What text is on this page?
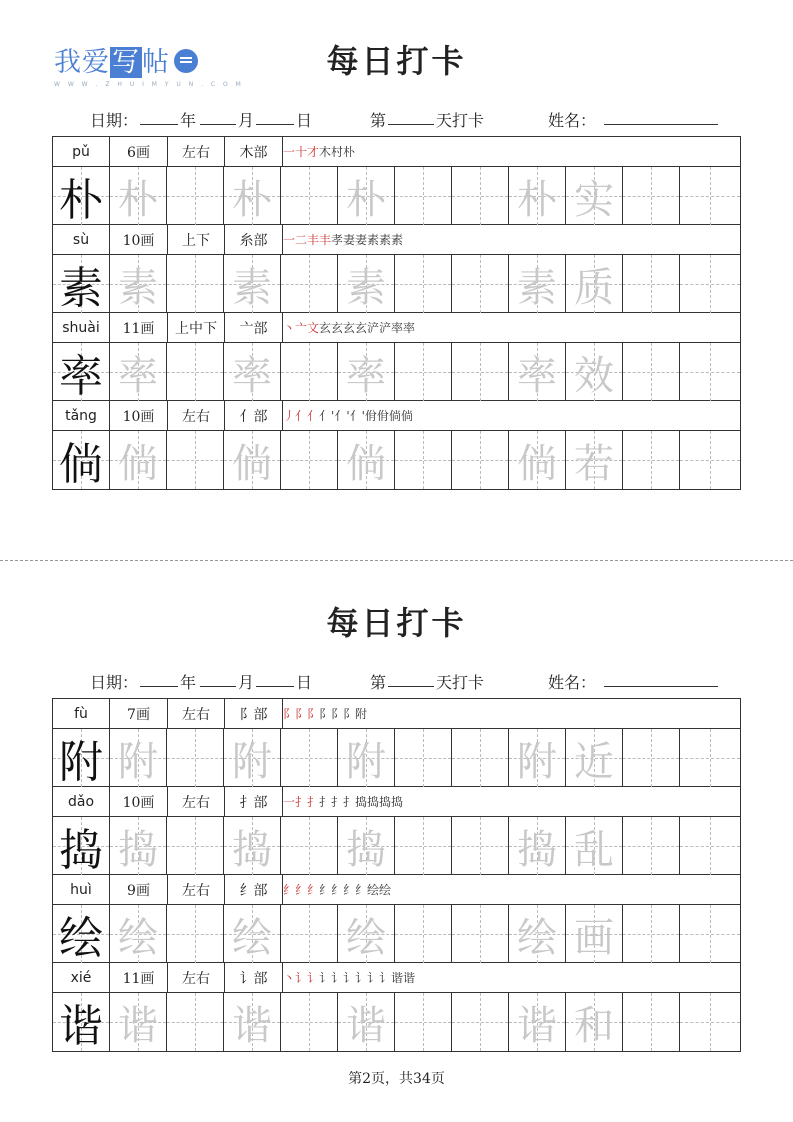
我爱写帖
W W W . Z H U I M Y U N . C O M
每日打卡
日期：	年	月	日	第	天打卡	姓名：
pǔ	6画	左右	木部	一十才 木村朴
朴 朴 朴 朴	朴 实
sù	10画	上下	糸部	一二丰丰 孝妻妻素素素
素 素 素 素	素 质
shuài	11画	上中下	亠部	丶亠文 玄玄玄玄浐浐率率
率 率 率 率	率 效
tǎng	10画	左右	亻部	丿亻亻 亻'亻'亻'佾佾倘倘
倘 倘 倘 倘	倘 若
每日打卡
日期：	年	月	日	第	天打卡	姓名：
fù	7画	左右	阝部	阝阝阝 阝阝阝附
附 附 附 附	附 近
dǎo	10画	左右	扌部	一扌扌 扌扌扌捣捣捣捣
捣 捣 捣 捣	捣 乱
huì	9画	左右	纟部	纟纟纟 纟纟纟纟绘绘
绘 绘 绘 绘	绘 画
xié	11画	左右	讠部	丶讠讠 讠讠讠讠讠讠谐谐
谐 谐 谐 谐	谐 和
第2页，共34页
